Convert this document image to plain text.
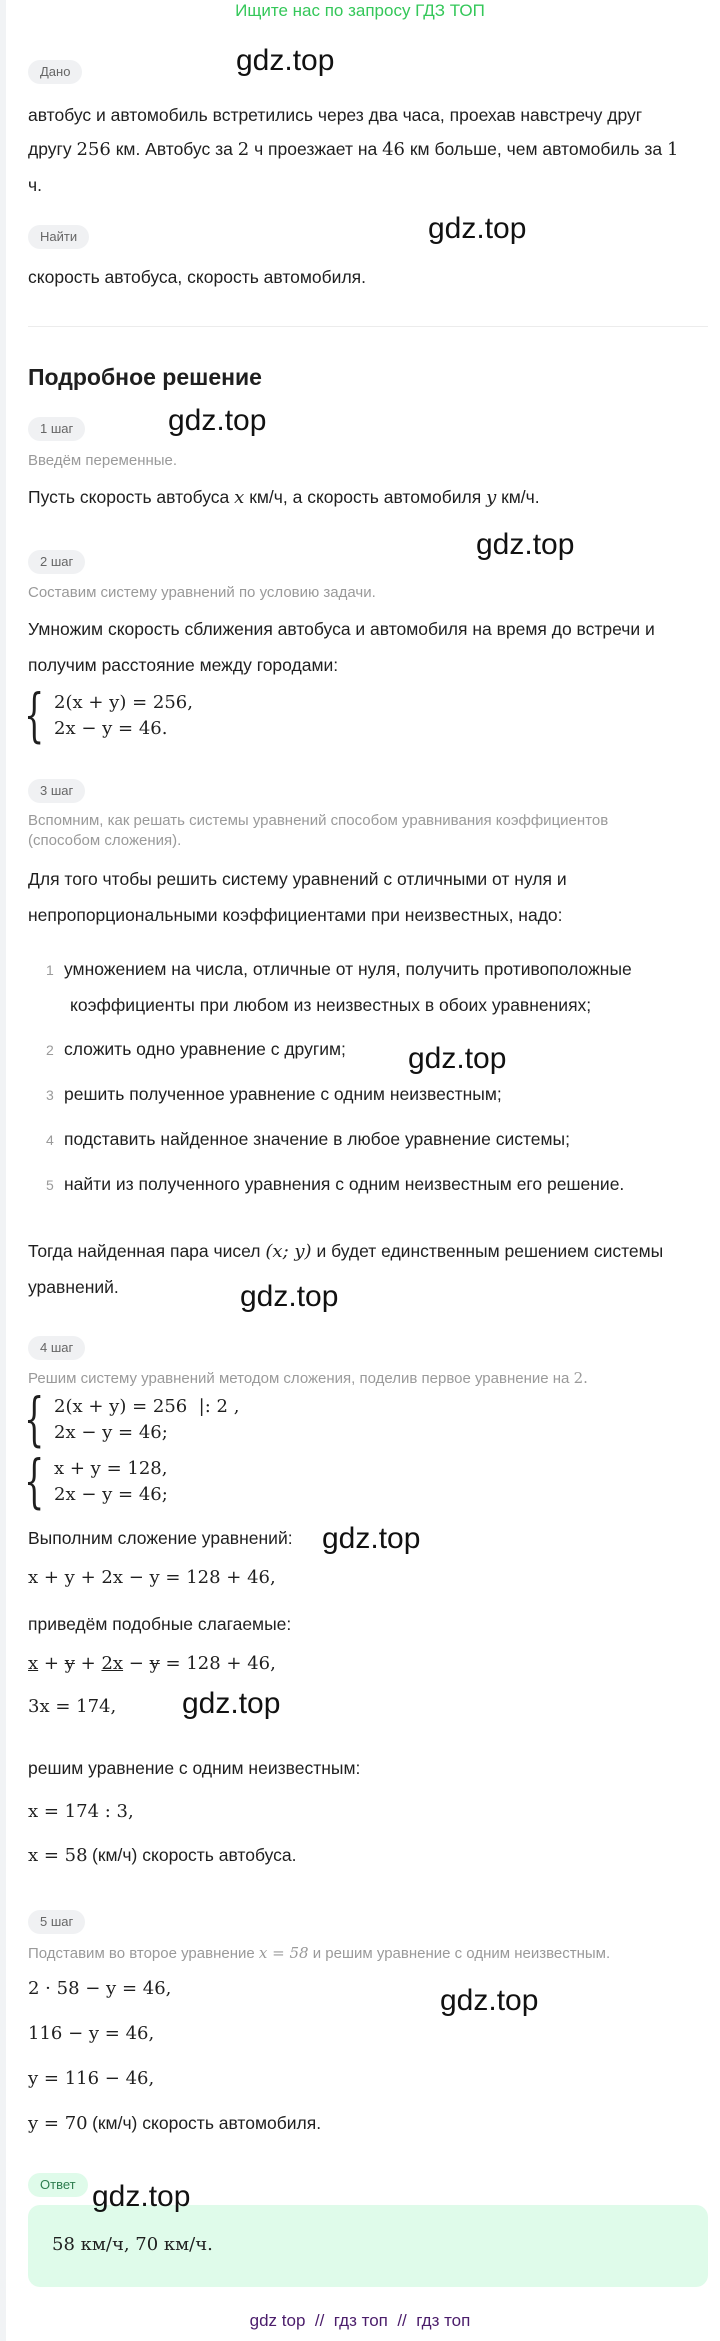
Ищите нас по запросу ГДЗ ТОП
Дано	gdz.top
автобус и автомобиль встретились через два часа, проехав навстречу друг
другу 256 км. Автобус за 2 ч проезжает на 46 км больше, чем автомобиль за 1
ч.
Найти	gdz.top
скорость автобуса, скорость автомобиля.
Подробное решение
1 шаг	gdz.top
Введём переменные.
Пусть скорость автобуса x км/ч, а скорость автомобиля y км/ч.
2 шаг
gdz.top
Составим систему уравнений по условию задачи.
Умножим скорость сближения автобуса и автомобиля на время до встречи и
получим расстояние между городами:
{ 2(x + y) = 256,
2x − y = 46.
3 шаг
Вспомним, как решать системы уравнений способом уравнивания коэффициентов
(способом сложения).
Для того чтобы решить систему уравнений с отличными от нуля и
непропорциональными коэффициентами при неизвестных, надо:
1 умножением на числа, отличные от нуля, получить противоположные
коэффициенты при любом из неизвестных в обоих уравнениях;
2 сложить одно уравнение с другим; gdz.top
3 решить полученное уравнение с одним неизвестным;
4 подставить найденное значение в любое уравнение системы;
5 найти из полученного уравнения с одним неизвестным его решение.
Тогда найденная пара чисел (x; y) и будет единственным решением системы
уравнений.	gdz.top
4 шаг
Решим систему уравнений методом сложения, поделив первое уравнение на 2.
{ 2(x + y) = 256  |: 2 ,
2x − y = 46;
{ x + y = 128,
2x − y = 46;
Выполним сложение уравнений: gdz.top
x + y + 2x − y = 128 + 46,
приведём подобные слагаемые:
x + y + 2x − y = 128 + 46,
3x = 174, gdz.top
решим уравнение с одним неизвестным:
x = 174 : 3,
x = 58 (км/ч) скорость автобуса.
5 шаг
Подставим во второе уравнение x = 58 и решим уравнение с одним неизвестным.
2 · 58 − y = 46,	gdz.top
116 − y = 46,
y = 116 − 46,
y = 70 (км/ч) скорость автомобиля.
Ответ gdz.top
58 км/ч, 70 км/ч.
gdz top  //  гдз топ  //  гдз топ
